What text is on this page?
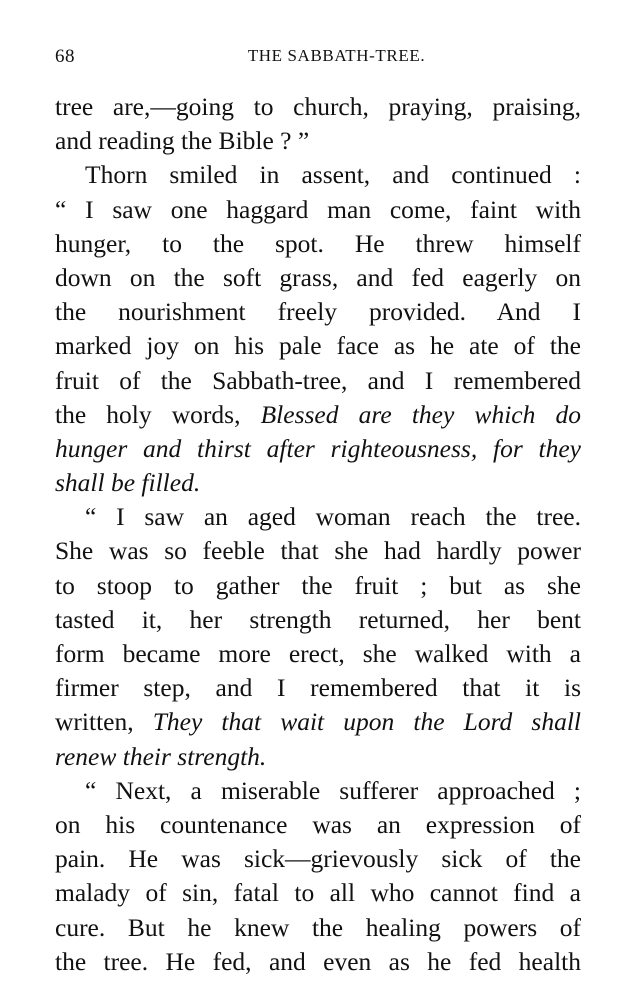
68	THE SABBATH-TREE.
tree are,—going to church, praying, praising,
and reading the Bible ? ”
Thorn smiled in assent, and continued :
“ I saw one haggard man come, faint with
hunger, to the spot. He threw himself
down on the soft grass, and fed eagerly on
the nourishment freely provided. And I
marked joy on his pale face as he ate of the
fruit of the Sabbath-tree, and I remembered
the holy words, Blessed are they which do
hunger and thirst after righteousness, for they
shall be filled.
“ I saw an aged woman reach the tree.
She was so feeble that she had hardly power
to stoop to gather the fruit ; but as she
tasted it, her strength returned, her bent
form became more erect, she walked with a
firmer step, and I remembered that it is
written, They that wait upon the Lord shall
renew their strength.
“ Next, a miserable sufferer approached ;
on his countenance was an expression of
pain. He was sick—grievously sick of the
malady of sin, fatal to all who cannot find a
cure. But he knew the healing powers of
the tree. He fed, and even as he fed health
